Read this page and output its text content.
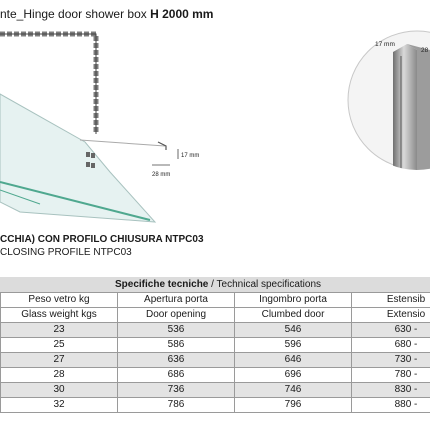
nte_Hinge door shower box H 2000 mm
17 mm
28 mm
17 mm
28
CCHIA) CON PROFILO CHIUSURA NTPC03
CLOSING PROFILE NTPC03
Specifiche tecniche / Technical specifications
Peso vetro kg	Apertura porta	Ingombro porta	Estensib
Glass weight kgs	Door opening	Clumbed door	Extensio
23	536	546	630 -
25	586	596	680 -
27	636	646	730 -
28	686	696	780 -
30	736	746	830 -
32	786	796	880 -
